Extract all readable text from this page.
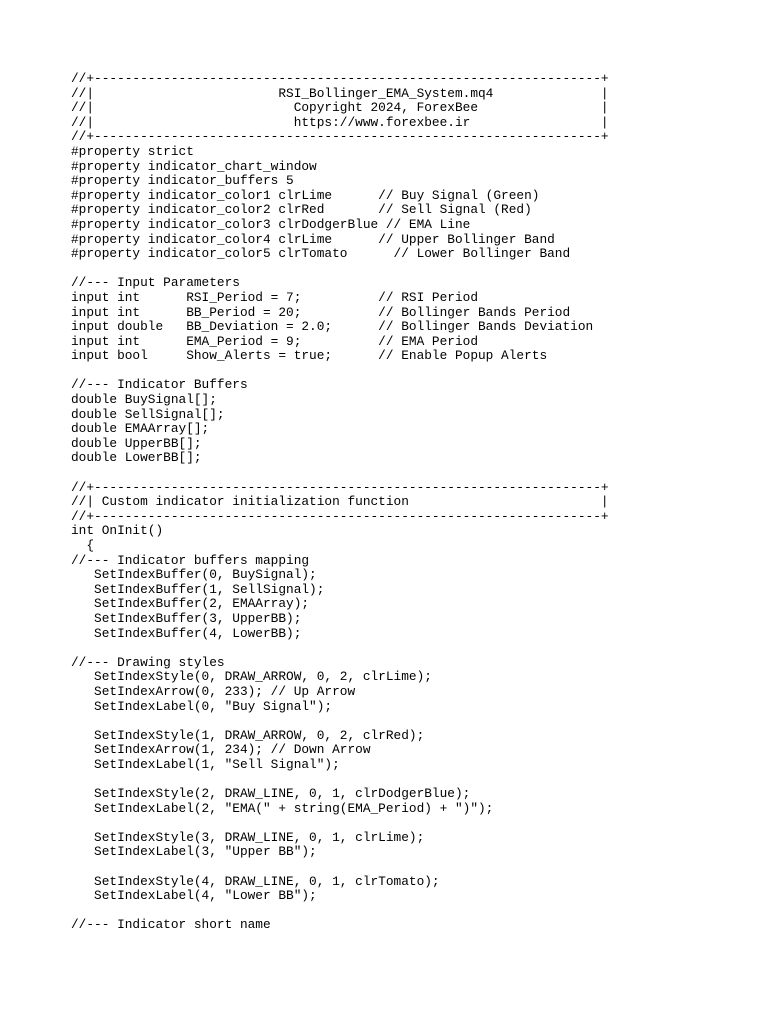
//+------------------------------------------------------------------+
//|                        RSI_Bollinger_EMA_System.mq4              |
//|                          Copyright 2024, ForexBee                |
//|                          https://www.forexbee.ir                 |
//+------------------------------------------------------------------+
#property strict
#property indicator_chart_window
#property indicator_buffers 5
#property indicator_color1 clrLime      // Buy Signal (Green)
#property indicator_color2 clrRed       // Sell Signal (Red)
#property indicator_color3 clrDodgerBlue // EMA Line
#property indicator_color4 clrLime      // Upper Bollinger Band
#property indicator_color5 clrTomato      // Lower Bollinger Band
//--- Input Parameters
input int      RSI_Period = 7;          // RSI Period
input int      BB_Period = 20;          // Bollinger Bands Period
input double   BB_Deviation = 2.0;      // Bollinger Bands Deviation
input int      EMA_Period = 9;          // EMA Period
input bool     Show_Alerts = true;      // Enable Popup Alerts
//--- Indicator Buffers
double BuySignal[];
double SellSignal[];
double EMAArray[];
double UpperBB[];
double LowerBB[];
//+------------------------------------------------------------------+
//| Custom indicator initialization function                         |
//+------------------------------------------------------------------+
int OnInit()
{
//--- Indicator buffers mapping
SetIndexBuffer(0, BuySignal);
SetIndexBuffer(1, SellSignal);
SetIndexBuffer(2, EMAArray);
SetIndexBuffer(3, UpperBB);
SetIndexBuffer(4, LowerBB);
//--- Drawing styles
SetIndexStyle(0, DRAW_ARROW, 0, 2, clrLime);
SetIndexArrow(0, 233); // Up Arrow
SetIndexLabel(0, "Buy Signal");
SetIndexStyle(1, DRAW_ARROW, 0, 2, clrRed);
SetIndexArrow(1, 234); // Down Arrow
SetIndexLabel(1, "Sell Signal");
SetIndexStyle(2, DRAW_LINE, 0, 1, clrDodgerBlue);
SetIndexLabel(2, "EMA(" + string(EMA_Period) + ")");
SetIndexStyle(3, DRAW_LINE, 0, 1, clrLime);
SetIndexLabel(3, "Upper BB");
SetIndexStyle(4, DRAW_LINE, 0, 1, clrTomato);
SetIndexLabel(4, "Lower BB");
//--- Indicator short name
